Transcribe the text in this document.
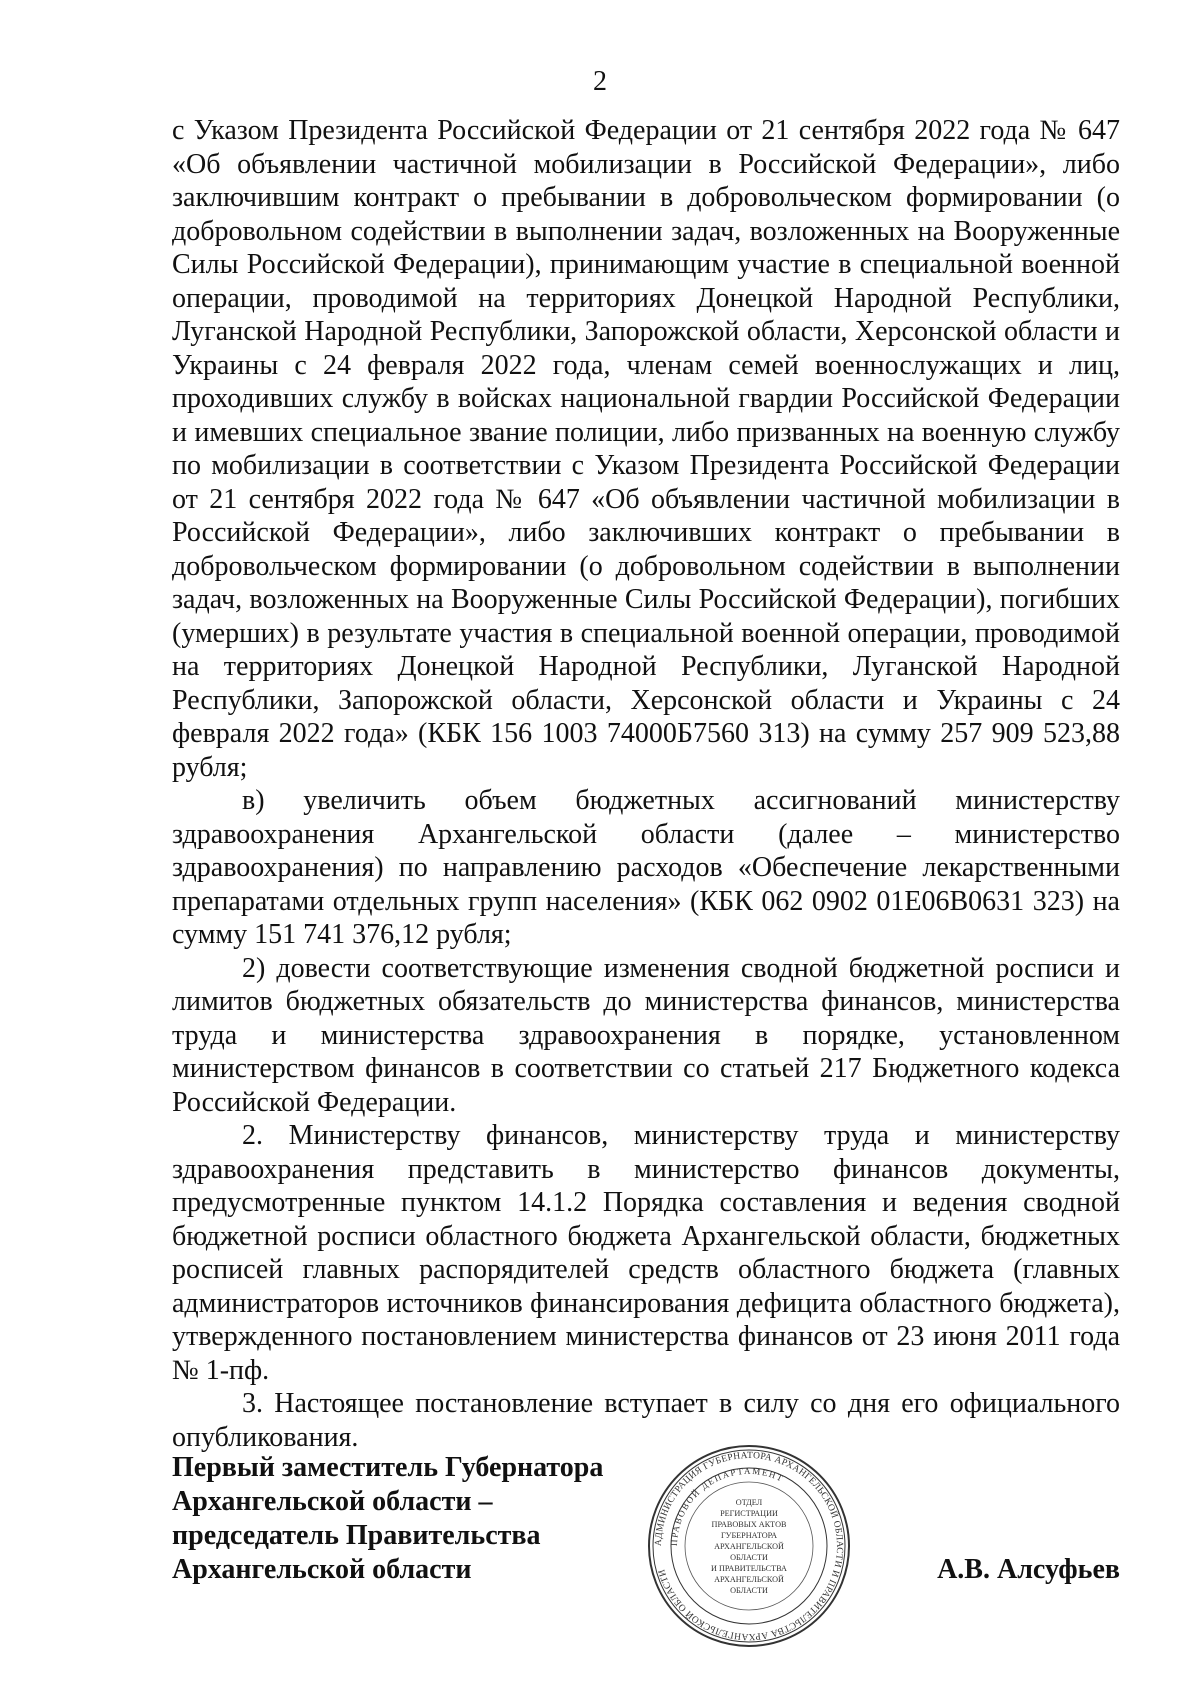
2

с Указом Президента Российской Федерации от 21 сентября 2022 года № 647 «Об объявлении частичной мобилизации в Российской Федерации», либо заключившим контракт о пребывании в добровольческом формировании (о добровольном содействии в выполнении задач, возложенных на Вооруженные Силы Российской Федерации), принимающим участие в специальной военной операции, проводимой на территориях Донецкой Народной Республики, Луганской Народной Республики, Запорожской области, Херсонской области и Украины с 24 февраля 2022 года, членам семей военнослужащих и лиц, проходивших службу в войсках национальной гвардии Российской Федерации и имевших специальное звание полиции, либо призванных на военную службу по мобилизации в соответствии с Указом Президента Российской Федерации от 21 сентября 2022 года № 647 «Об объявлении частичной мобилизации в Российской Федерации», либо заключивших контракт о пребывании в добровольческом формировании (о добровольном содействии в выполнении задач, возложенных на Вооруженные Силы Российской Федерации), погибших (умерших) в результате участия в специальной военной операции, проводимой на территориях Донецкой Народной Республики, Луганской Народной Республики, Запорожской области, Херсонской области и Украины с 24 февраля 2022 года» (КБК 156 1003 74000Б7560 313) на сумму 257 909 523,88 рубля;

в) увеличить объем бюджетных ассигнований министерству здравоохранения Архангельской области (далее – министерство здравоохранения) по направлению расходов «Обеспечение лекарственными препаратами отдельных групп населения» (КБК 062 0902 01Е06В0631 323) на сумму 151 741 376,12 рубля;

2) довести соответствующие изменения сводной бюджетной росписи и лимитов бюджетных обязательств до министерства финансов, министерства труда и министерства здравоохранения в порядке, установленном министерством финансов в соответствии со статьей 217 Бюджетного кодекса Российской Федерации.

2. Министерству финансов, министерству труда и министерству здравоохранения представить в министерство финансов документы, предусмотренные пунктом 14.1.2 Порядка составления и ведения сводной бюджетной росписи областного бюджета Архангельской области, бюджетных росписей главных распорядителей средств областного бюджета (главных администраторов источников финансирования дефицита областного бюджета), утвержденного постановлением министерства финансов от 23 июня 2011 года № 1-пф.

3. Настоящее постановление вступает в силу со дня его официального опубликования.

Первый заместитель Губернатора
Архангельской области –
председатель Правительства
Архангельской области
АДМИНИСТРАЦИЯ ГУБЕРНАТОРА АРХАНГЕЛЬСКОЙ ОБЛАСТИ И ПРАВИТЕЛЬСТВА АРХАНГЕЛЬСКОЙ ОБЛАСТИ
ПРАВОВОЙ ДЕПАРТАМЕНТ
ОТДЕЛ
РЕГИСТРАЦИИ
ПРАВОВЫХ АКТОВ
ГУБЕРНАТОРА
АРХАНГЕЛЬСКОЙ
ОБЛАСТИ
И ПРАВИТЕЛЬСТВА
АРХАНГЕЛЬСКОЙ
ОБЛАСТИ
А.В. Алсуфьев
